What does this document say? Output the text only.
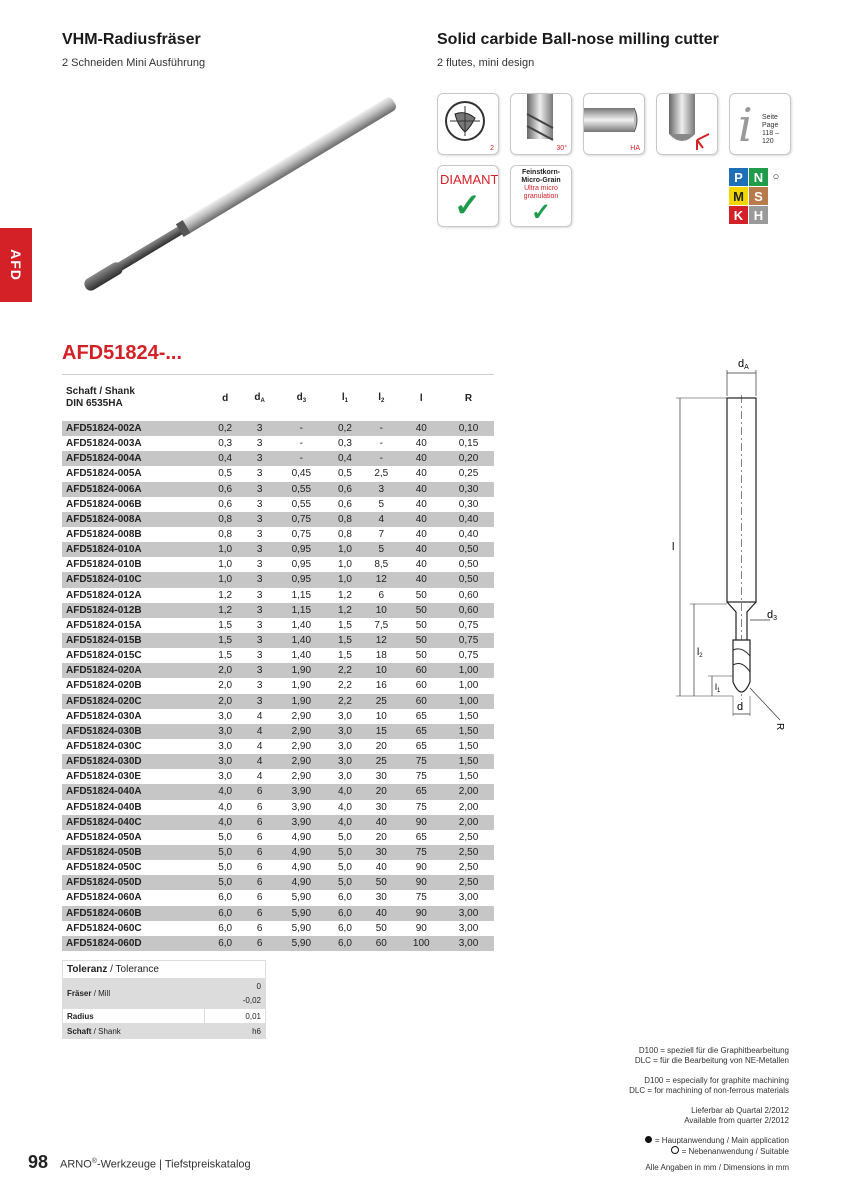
VHM-Radiusfräser
2 Schneiden Mini Ausführung
Solid carbide Ball-nose milling cutter
2 flutes, mini design
AFD
2	30°	HA i Seite Page
118 – 120
DIAMANT
✓
Feinstkorn-
Micro-Grain
Ultra micro
granulation
✓
P N ○
M S
K H
AFD51824-...
Schaft / Shank
DIN 6535HA	d	$d_A$	$d_3$	$l_1$	$l_2$	l	R
AFD51824-002A	0,2	3	-	0,2	-	40	0,10
AFD51824-003A	0,3	3	-	0,3	-	40	0,15
AFD51824-004A	0,4	3	-	0,4	-	40	0,20
AFD51824-005A	0,5	3	0,45	0,5	2,5	40	0,25
AFD51824-006A	0,6	3	0,55	0,6	3	40	0,30
AFD51824-006B	0,6	3	0,55	0,6	5	40	0,30
AFD51824-008A	0,8	3	0,75	0,8	4	40	0,40
AFD51824-008B	0,8	3	0,75	0,8	7	40	0,40
AFD51824-010A	1,0	3	0,95	1,0	5	40	0,50
AFD51824-010B	1,0	3	0,95	1,0	8,5	40	0,50
AFD51824-010C	1,0	3	0,95	1,0	12	40	0,50
AFD51824-012A	1,2	3	1,15	1,2	6	50	0,60
AFD51824-012B	1,2	3	1,15	1,2	10	50	0,60
AFD51824-015A	1,5	3	1,40	1,5	7,5	50	0,75
AFD51824-015B	1,5	3	1,40	1,5	12	50	0,75
AFD51824-015C	1,5	3	1,40	1,5	18	50	0,75
AFD51824-020A	2,0	3	1,90	2,2	10	60	1,00
AFD51824-020B	2,0	3	1,90	2,2	16	60	1,00
AFD51824-020C	2,0	3	1,90	2,2	25	60	1,00
AFD51824-030A	3,0	4	2,90	3,0	10	65	1,50
AFD51824-030B	3,0	4	2,90	3,0	15	65	1,50
AFD51824-030C	3,0	4	2,90	3,0	20	65	1,50
AFD51824-030D	3,0	4	2,90	3,0	25	75	1,50
AFD51824-030E	3,0	4	2,90	3,0	30	75	1,50
AFD51824-040A	4,0	6	3,90	4,0	20	65	2,00
AFD51824-040B	4,0	6	3,90	4,0	30	75	2,00
AFD51824-040C	4,0	6	3,90	4,0	40	90	2,00
AFD51824-050A	5,0	6	4,90	5,0	20	65	2,50
AFD51824-050B	5,0	6	4,90	5,0	30	75	2,50
AFD51824-050C	5,0	6	4,90	5,0	40	90	2,50
AFD51824-050D	5,0	6	4,90	5,0	50	90	2,50
AFD51824-060A	6,0	6	5,90	6,0	30	75	3,00
AFD51824-060B	6,0	6	5,90	6,0	40	90	3,00
AFD51824-060C	6,0	6	5,90	6,0	50	90	3,00
AFD51824-060D	6,0	6	5,90	6,0	60	100	3,00
dA
d3
l
$l_2$
$l_1$
d
R
Toleranz / Tolerance	
Fräser / Mill	0
-0,02

Radius	0,01
Schaft / Shank	h6
D100 = speziell für die Graphitbearbeitung
DLC = für die Bearbeitung von NE-Metallen
D100 = especially for graphite machining
DLC = for machining of non-ferrous materials
Lieferbar ab Quartal 2/2012
Available from quarter 2/2012
= Hauptanwendung / Main application
= Nebenanwendung / Suitable
Alle Angaben in mm / Dimensions in mm
98 ARNO®-Werkzeuge | Tiefstpreiskatalog
